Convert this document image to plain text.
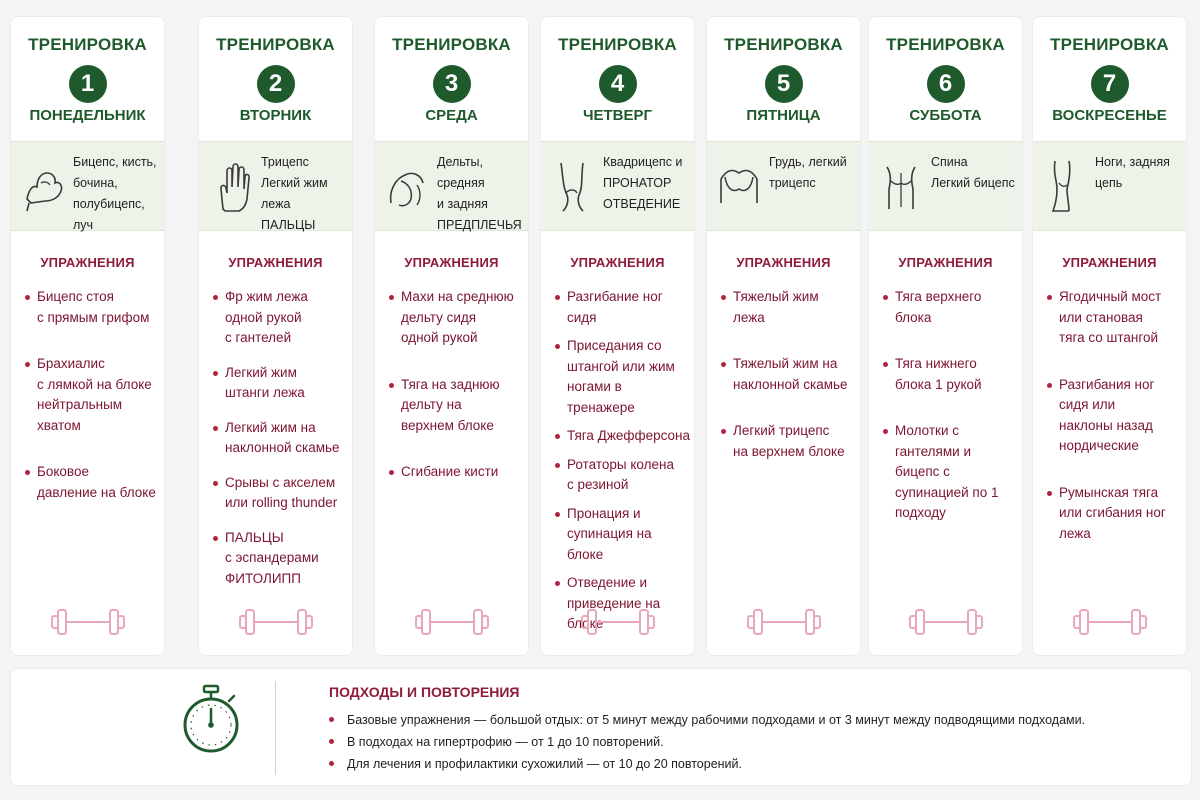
ТРЕНИРОВКА
1
ПОНЕДЕЛЬНИК
Бицепс, кисть,
бочина,
полубицепс, луч
УПРАЖНЕНИЯ
Бицепс стоя
с прямым грифом
Брахиалис
с лямкой на блоке
нейтральным
хватом
Боковое
давление на блоке
ТРЕНИРОВКА
2
ВТОРНИК
Трицепс
Легкий жим лежа
ПАЛЬЦЫ
УПРАЖНЕНИЯ
Фр жим лежа
одной рукой
с гантелей
Легкий жим
штанги лежа
Легкий жим на
наклонной скамье
Срывы с акселем
или rolling thunder
ПАЛЬЦЫ
с эспандерами
ФИТОЛИПП
ТРЕНИРОВКА
3
СРЕДА
Дельты, средняя
и задняя
ПРЕДПЛЕЧЬЯ
УПРАЖНЕНИЯ
Махи на среднюю
дельту сидя
одной рукой
Тяга на заднюю
дельту на
верхнем блоке
Сгибание кисти
ТРЕНИРОВКА
4
ЧЕТВЕРГ
Квадрицепс и
ПРОНАТОР
ОТВЕДЕНИЕ
УПРАЖНЕНИЯ
Разгибание ног
сидя
Приседания со
штангой или жим
ногами в
тренажере
Тяга Джефферсона
Ротаторы колена
с резиной
Пронация и
супинация на
блоке
Отведение и
приведение на
блоке
ТРЕНИРОВКА
5
ПЯТНИЦА
Грудь, легкий
трицепс
УПРАЖНЕНИЯ
Тяжелый жим
лежа
Тяжелый жим на
наклонной скамье
Легкий трицепс
на верхнем блоке
ТРЕНИРОВКА
6
СУББОТА
Спина
Легкий бицепс
УПРАЖНЕНИЯ
Тяга верхнего
блока
Тяга нижнего
блока 1 рукой
Молотки с
гантелями и
бицепс с
супинацией по 1
подходу
ТРЕНИРОВКА
7
ВОСКРЕСЕНЬЕ
Ноги, задняя
цепь
УПРАЖНЕНИЯ
Ягодичный мост
или становая
тяга со штангой
Разгибания ног
сидя или
наклоны назад
нордические
Румынская тяга
или сгибания ног
лежа
ПОДХОДЫ И ПОВТОРЕНИЯ
Базовые упражнения — большой отдых: от 5 минут между рабочими подходами и от 3 минут между подводящими подходами.
В подходах на гипертрофию — от 1 до 10 повторений.
Для лечения и профилактики сухожилий — от 10 до 20 повторений.
